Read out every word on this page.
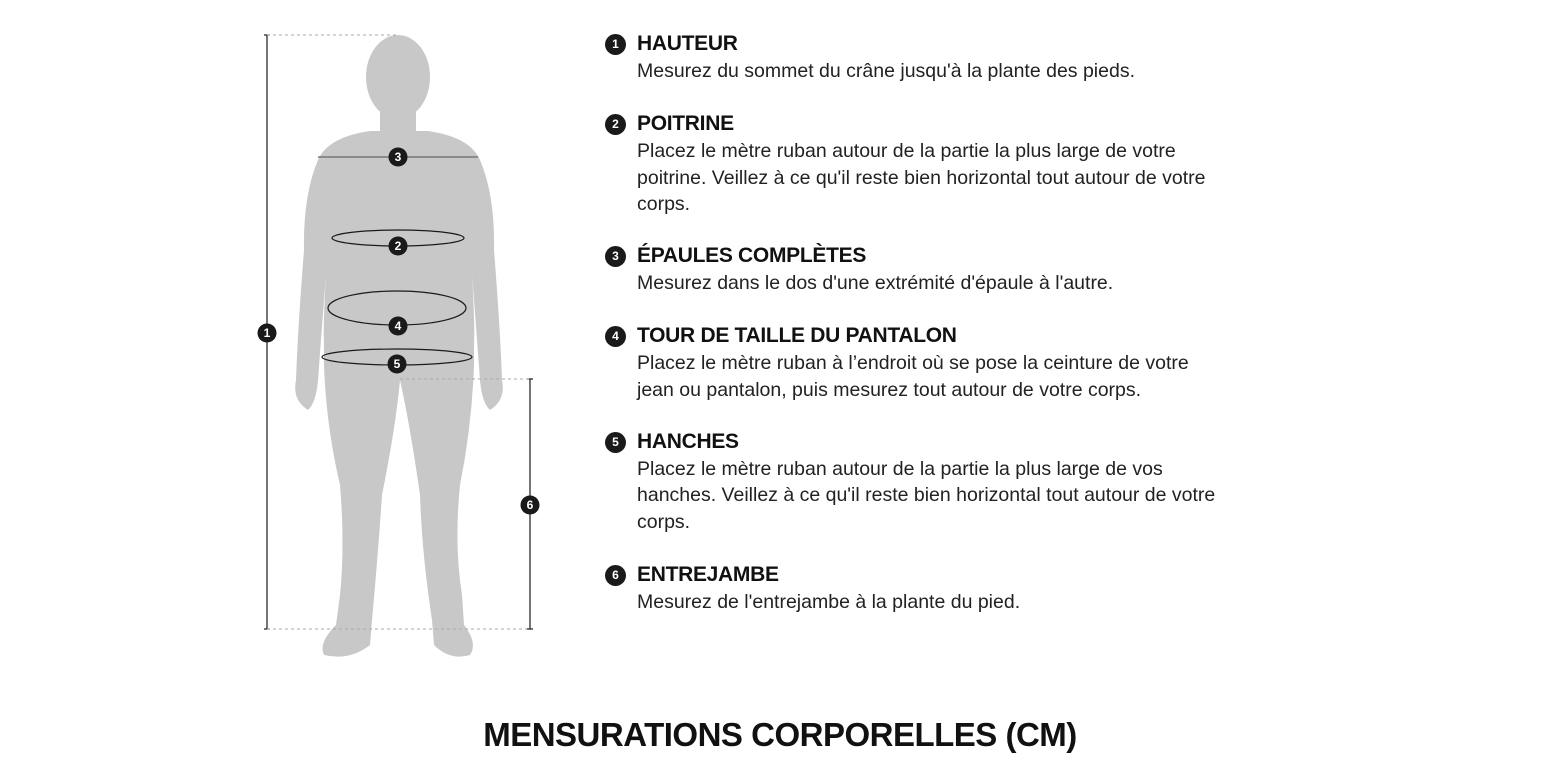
1
3
2
4
5
6
1 HAUTEUR

Mesurez du sommet du crâne jusqu'à la plante des pieds.

2 POITRINE

Placez le mètre ruban autour de la partie la plus large de votre poitrine. Veillez à ce qu'il reste bien horizontal tout autour de votre corps.

3 ÉPAULES COMPLÈTES

Mesurez dans le dos d'une extrémité d'épaule à l'autre.

4 TOUR DE TAILLE DU PANTALON

Placez le mètre ruban à l’endroit où se pose la ceinture de votre jean ou pantalon, puis mesurez tout autour de votre corps.

5 HANCHES

Placez le mètre ruban autour de la partie la plus large de vos hanches. Veillez à ce qu'il reste bien horizontal tout autour de votre corps.

6 ENTREJAMBE

Mesurez de l'entrejambe à la plante du pied.

MENSURATIONS CORPORELLES (CM)
